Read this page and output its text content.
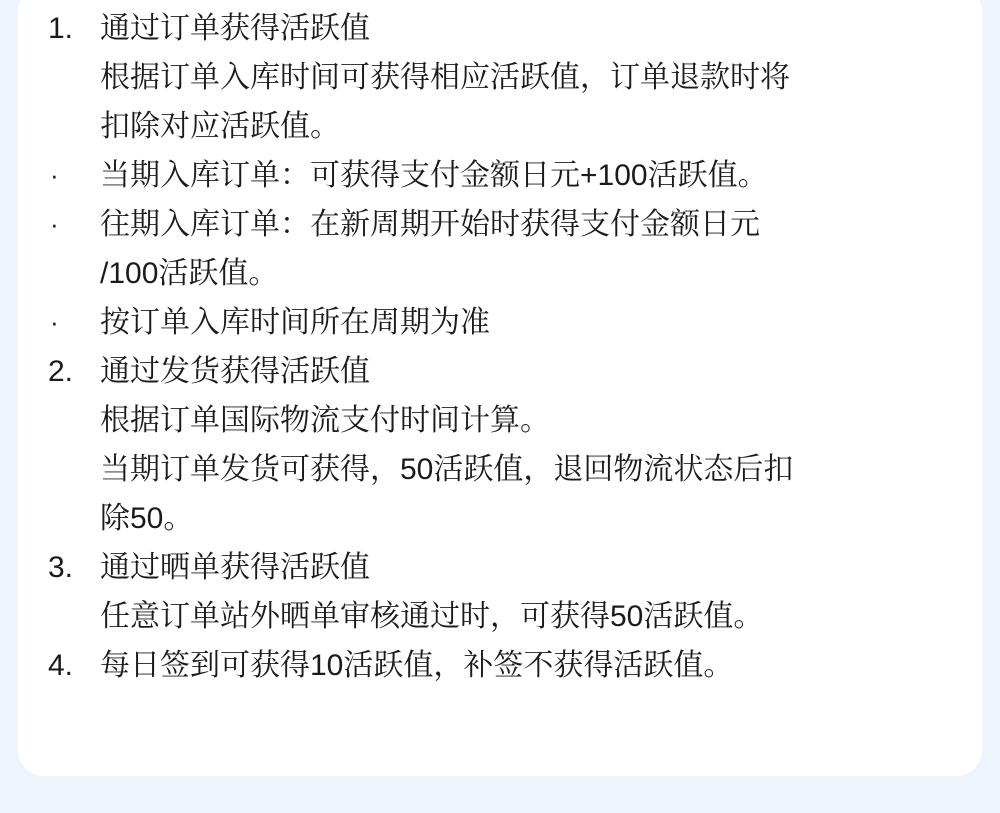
1. 通过订单获得活跃值
根据订单入库时间可获得相应活跃值，订单退款时将
扣除对应活跃值。
·	当期入库订单：可获得支付金额日元+100活跃值。
·	往期入库订单：在新周期开始时获得支付金额日元
/100活跃值。
·	按订单入库时间所在周期为准
2. 通过发货获得活跃值
根据订单国际物流支付时间计算。
当期订单发货可获得，50活跃值，退回物流状态后扣
除50。
3. 通过晒单获得活跃值
任意订单站外晒单审核通过时，可获得50活跃值。
4. 每日签到可获得10活跃值，补签不获得活跃值。
